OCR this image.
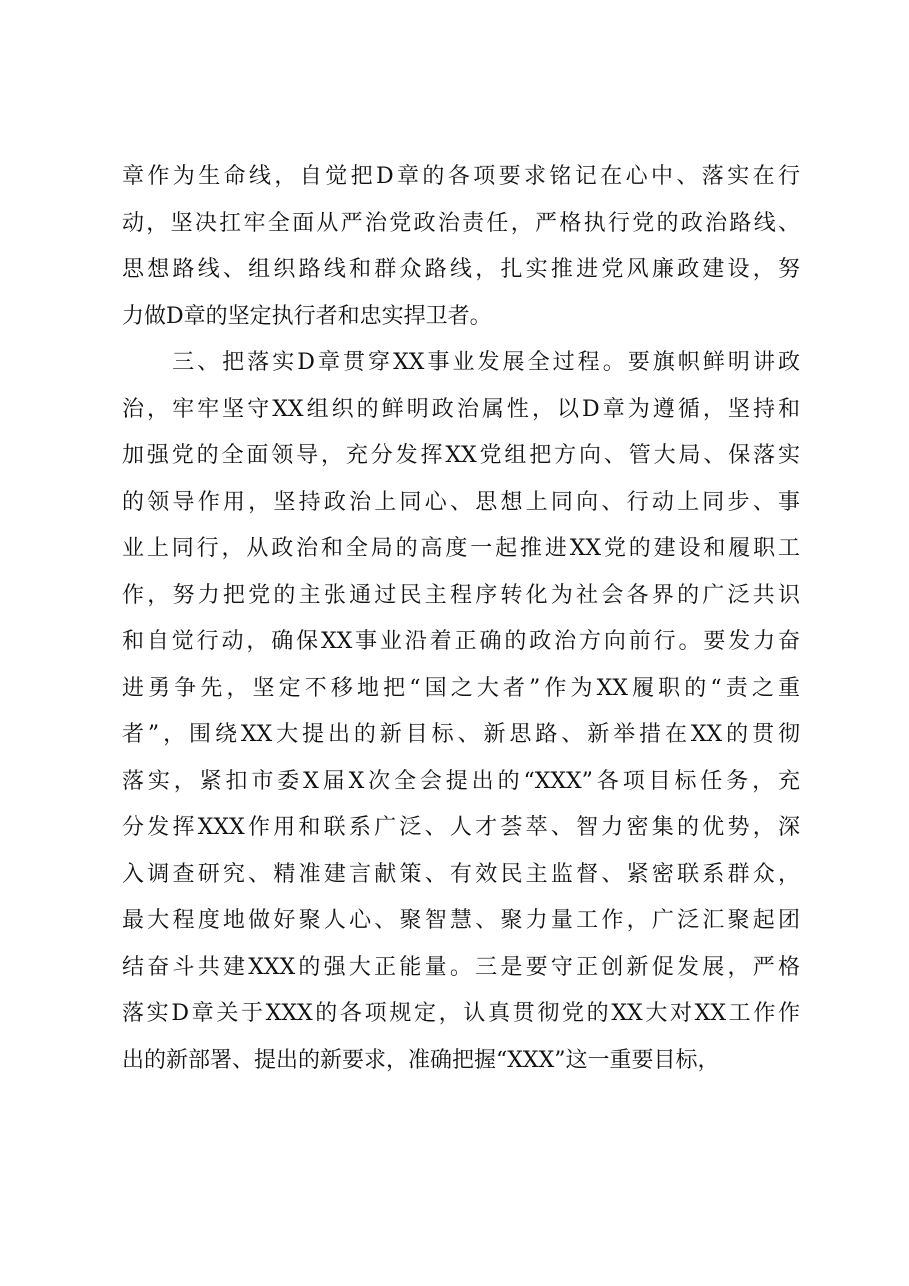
章作为生命线，自觉把D章的各项要求铭记在心中、落实在行
动，坚决扛牢全面从严治党政治责任，严格执行党的政治路线、
思想路线、组织路线和群众路线，扎实推进党风廉政建设，努
力做D章的坚定执行者和忠实捍卫者。
　　三、把落实D章贯穿XX事业发展全过程。要旗帜鲜明讲政
治，牢牢坚守XX组织的鲜明政治属性，以D章为遵循，坚持和
加强党的全面领导，充分发挥XX党组把方向、管大局、保落实
的领导作用，坚持政治上同心、思想上同向、行动上同步、事
业上同行，从政治和全局的高度一起推进XX党的建设和履职工
作，努力把党的主张通过民主程序转化为社会各界的广泛共识
和自觉行动，确保XX事业沿着正确的政治方向前行。要发力奋
进勇争先，坚定不移地把“国之大者”作为XX履职的“责之重
者”，围绕XX大提出的新目标、新思路、新举措在XX的贯彻
落实，紧扣市委X届X次全会提出的“XXX”各项目标任务，充
分发挥XXX作用和联系广泛、人才荟萃、智力密集的优势，深
入调查研究、精准建言献策、有效民主监督、紧密联系群众，
最大程度地做好聚人心、聚智慧、聚力量工作，广泛汇聚起团
结奋斗共建XXX的强大正能量。三是要守正创新促发展，严格
落实D章关于XXX的各项规定，认真贯彻党的XX大对XX工作作
出的新部署、提出的新要求，准确把握“XXX”这一重要目标，
